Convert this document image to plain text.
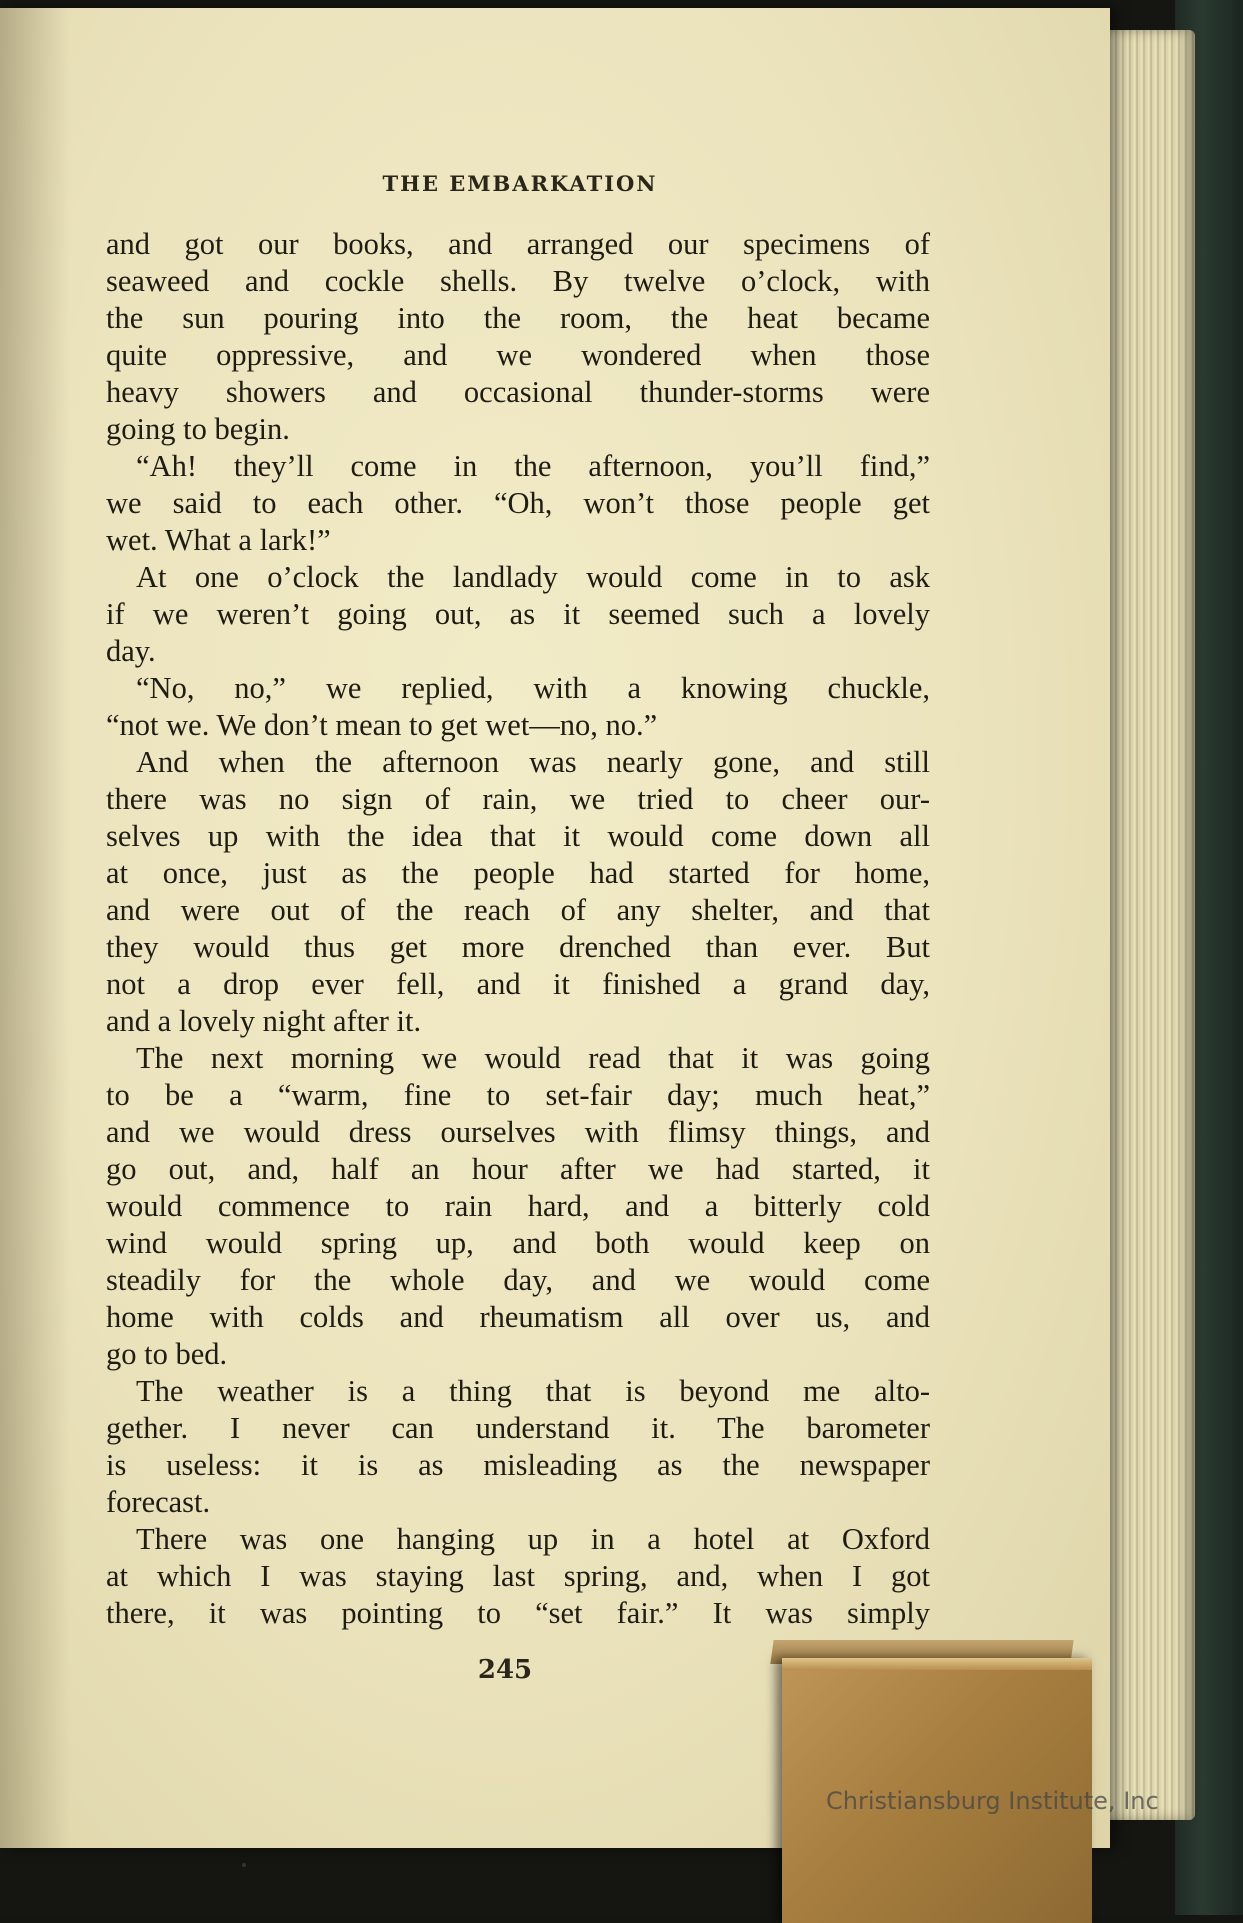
THE EMBARKATION
and got our books, and arranged our specimens of
seaweed and cockle shells. By twelve o’clock, with
the sun pouring into the room, the heat became
quite oppressive, and we wondered when those
heavy showers and occasional thunder-storms were
going to begin.
“Ah! they’ll come in the afternoon, you’ll find,”
we said to each other. “Oh, won’t those people get
wet. What a lark!”
At one o’clock the landlady would come in to ask
if we weren’t going out, as it seemed such a lovely
day.
“No, no,” we replied, with a knowing chuckle,
“not we. We don’t mean to get wet—no, no.”
And when the afternoon was nearly gone, and still
there was no sign of rain, we tried to cheer our-
selves up with the idea that it would come down all
at once, just as the people had started for home,
and were out of the reach of any shelter, and that
they would thus get more drenched than ever. But
not a drop ever fell, and it finished a grand day,
and a lovely night after it.
The next morning we would read that it was going
to be a “warm, fine to set-fair day; much heat,”
and we would dress ourselves with flimsy things, and
go out, and, half an hour after we had started, it
would commence to rain hard, and a bitterly cold
wind would spring up, and both would keep on
steadily for the whole day, and we would come
home with colds and rheumatism all over us, and
go to bed.
The weather is a thing that is beyond me alto-
gether. I never can understand it. The barometer
is useless: it is as misleading as the newspaper
forecast.
There was one hanging up in a hotel at Oxford
at which I was staying last spring, and, when I got
there, it was pointing to “set fair.” It was simply
245
Christiansburg Institute, Inc
